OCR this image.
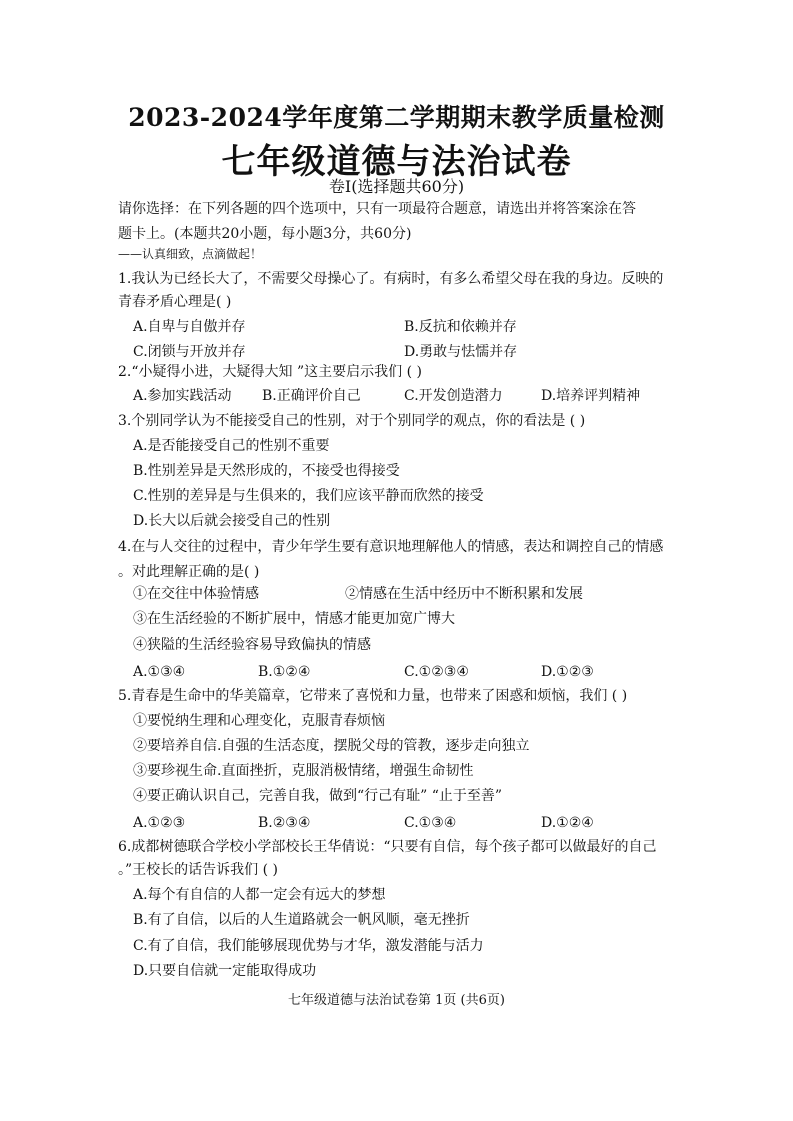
2023-2024学年度第二学期期末教学质量检测
七年级道德与法治试卷
卷Ⅰ(选择题共60分)
请你选择：在下列各题的四个选项中，只有一项最符合题意，请选出并将答案涂在答
题卡上。(本题共20小题，每小题3分，共60分)
——认真细致，点滴做起！
1.我认为已经长大了，不需要父母操心了。有病时，有多么希望父母在我的身边。反映的
青春矛盾心理是( )
A.自卑与自傲并存	B.反抗和依赖并存
C.闭锁与开放并存	D.勇敢与怯懦并存
2.“小疑得小进，大疑得大知 ”这主要启示我们 ( )
A.参加实践活动 B.正确评价自己	C.开发创造潜力	D.培养评判精神
3.个别同学认为不能接受自己的性别，对于个别同学的观点，你的看法是 ( )
A.是否能接受自己的性别不重要
B.性别差异是天然形成的，不接受也得接受
C.性别的差异是与生俱来的，我们应该平静而欣然的接受
D.长大以后就会接受自己的性别
4.在与人交往的过程中，青少年学生要有意识地理解他人的情感，表达和调控自己的情感
。对此理解正确的是( )
①在交往中体验情感	②情感在生活中经历中不断积累和发展
③在生活经验的不断扩展中，情感才能更加宽广博大
④狭隘的生活经验容易导致偏执的情感
A.①③④	B.①②④	C.①②③④	D.①②③
5.青春是生命中的华美篇章，它带来了喜悦和力量，也带来了困惑和烦恼，我们 ( )
①要悦纳生理和心理变化，克服青春烦恼
②要培养自信.自强的生活态度，摆脱父母的管教，逐步走向独立
③要珍视生命.直面挫折，克服消极情绪，增强生命韧性
④要正确认识自己，完善自我，做到“行己有耻” “止于至善”
A.①②③	B.②③④	C.①③④	D.①②④
6.成都树德联合学校小学部校长王华倩说：“只要有自信，每个孩子都可以做最好的自己
。”王校长的话告诉我们 ( )
A.每个有自信的人都一定会有远大的梦想
B.有了自信，以后的人生道路就会一帆风顺，毫无挫折
C.有了自信，我们能够展现优势与才华，激发潜能与活力
D.只要自信就一定能取得成功
七年级道德与法治试卷第 1页 (共6页)
